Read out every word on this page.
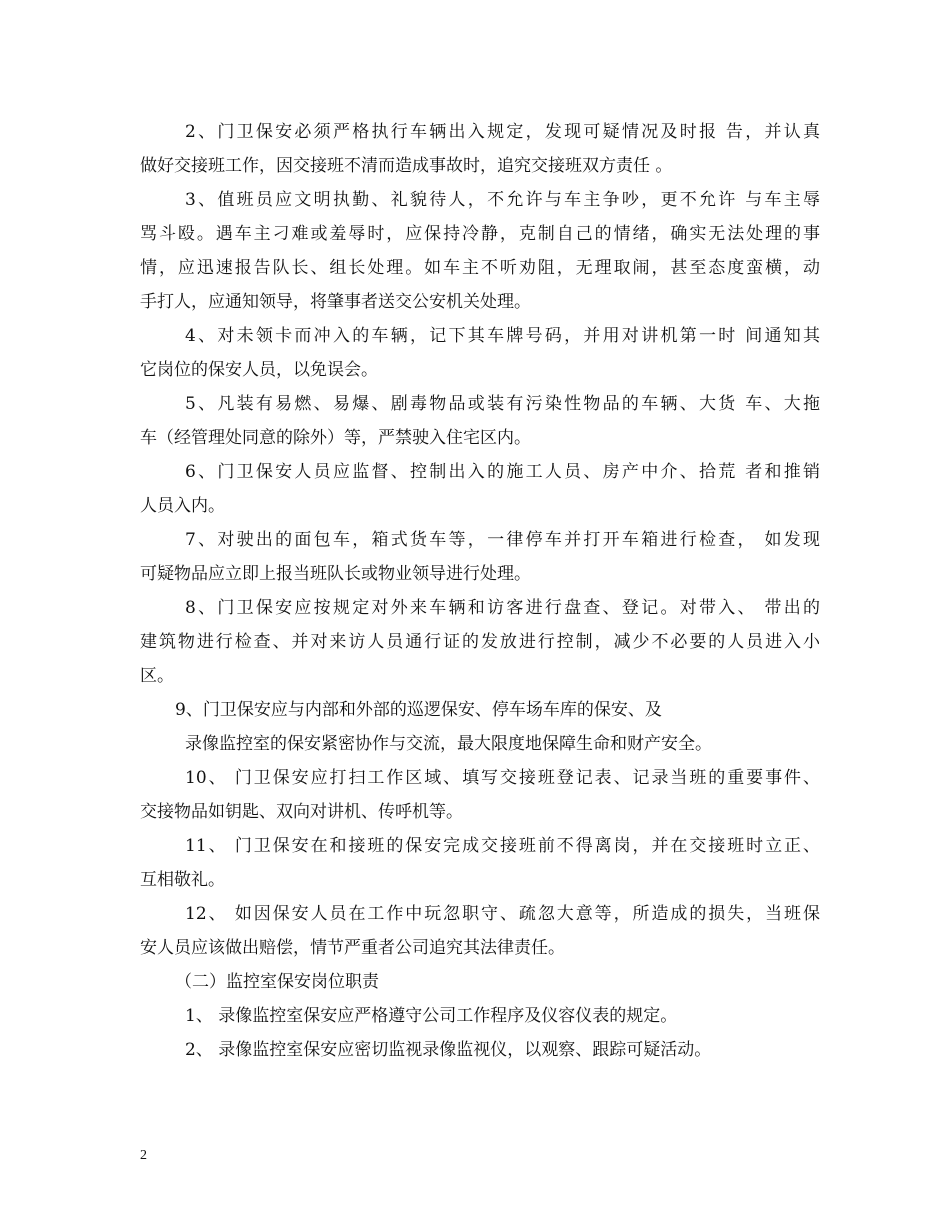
2、门卫保安必须严格执行车辆出入规定，发现可疑情况及时报 告，并认真
做好交接班工作，因交接班不清而造成事故时，追究交接班双方责任 。
3、值班员应文明执勤、礼貌待人，不允许与车主争吵，更不允许 与车主辱
骂斗殴。遇车主刁难或羞辱时，应保持冷静，克制自己的情绪，确实无法处理的事
情，应迅速报告队长、组长处理。如车主不听劝阻，无理取闹，甚至态度蛮横，动
手打人，应通知领导，将肇事者送交公安机关处理。
4、对未领卡而冲入的车辆，记下其车牌号码，并用对讲机第一时 间通知其
它岗位的保安人员，以免误会。
5、凡装有易燃、易爆、剧毒物品或装有污染性物品的车辆、大货 车、大拖
车（经管理处同意的除外）等，严禁驶入住宅区内。
6、门卫保安人员应监督、控制出入的施工人员、房产中介、拾荒 者和推销
人员入内。
7、对驶出的面包车，箱式货车等，一律停车并打开车箱进行检查， 如发现
可疑物品应立即上报当班队长或物业领导进行处理。
8、门卫保安应按规定对外来车辆和访客进行盘查、登记。对带入、 带出的
建筑物进行检查、并对来访人员通行证的发放进行控制，减少不必要的人员进入小
区。
9、门卫保安应与内部和外部的巡逻保安、停车场车库的保安、及
录像监控室的保安紧密协作与交流，最大限度地保障生命和财产安全。
10、 门卫保安应打扫工作区域、填写交接班登记表、记录当班的重要事件、
交接物品如钥匙、双向对讲机、传呼机等。
11、 门卫保安在和接班的保安完成交接班前不得离岗，并在交接班时立正、
互相敬礼。
12、 如因保安人员在工作中玩忽职守、疏忽大意等，所造成的损失，当班保
安人员应该做出赔偿，情节严重者公司追究其法律责任。
（二）监控室保安岗位职责
1、 录像监控室保安应严格遵守公司工作程序及仪容仪表的规定。
2、 录像监控室保安应密切监视录像监视仪，以观察、跟踪可疑活动。
2
